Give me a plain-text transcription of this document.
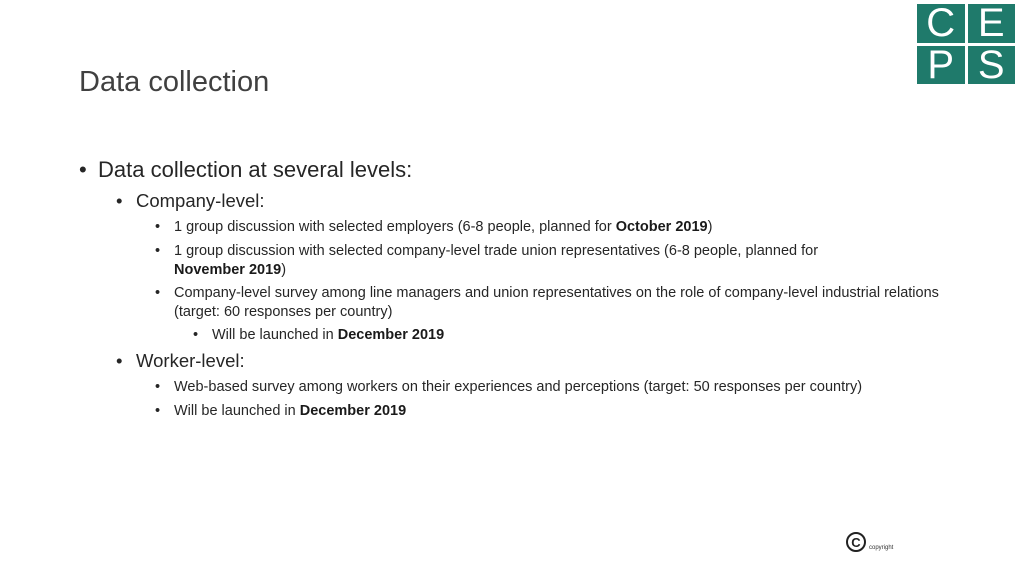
Data collection
C E
P S
• Data collection at several levels:
• Company-level:
• 1 group discussion with selected employers (6-8 people, planned for October 2019)
• 1 group discussion with selected company-level trade union representatives (6-8 people, planned for November 2019)
• Company-level survey among line managers and union representatives on the role of company-level industrial relations (target: 60 responses per country)
• Will be launched in December 2019
• Worker-level:
• Web-based survey among workers on their experiences and perceptions (target: 50 responses per country)
• Will be launched in December 2019
C	copyright
